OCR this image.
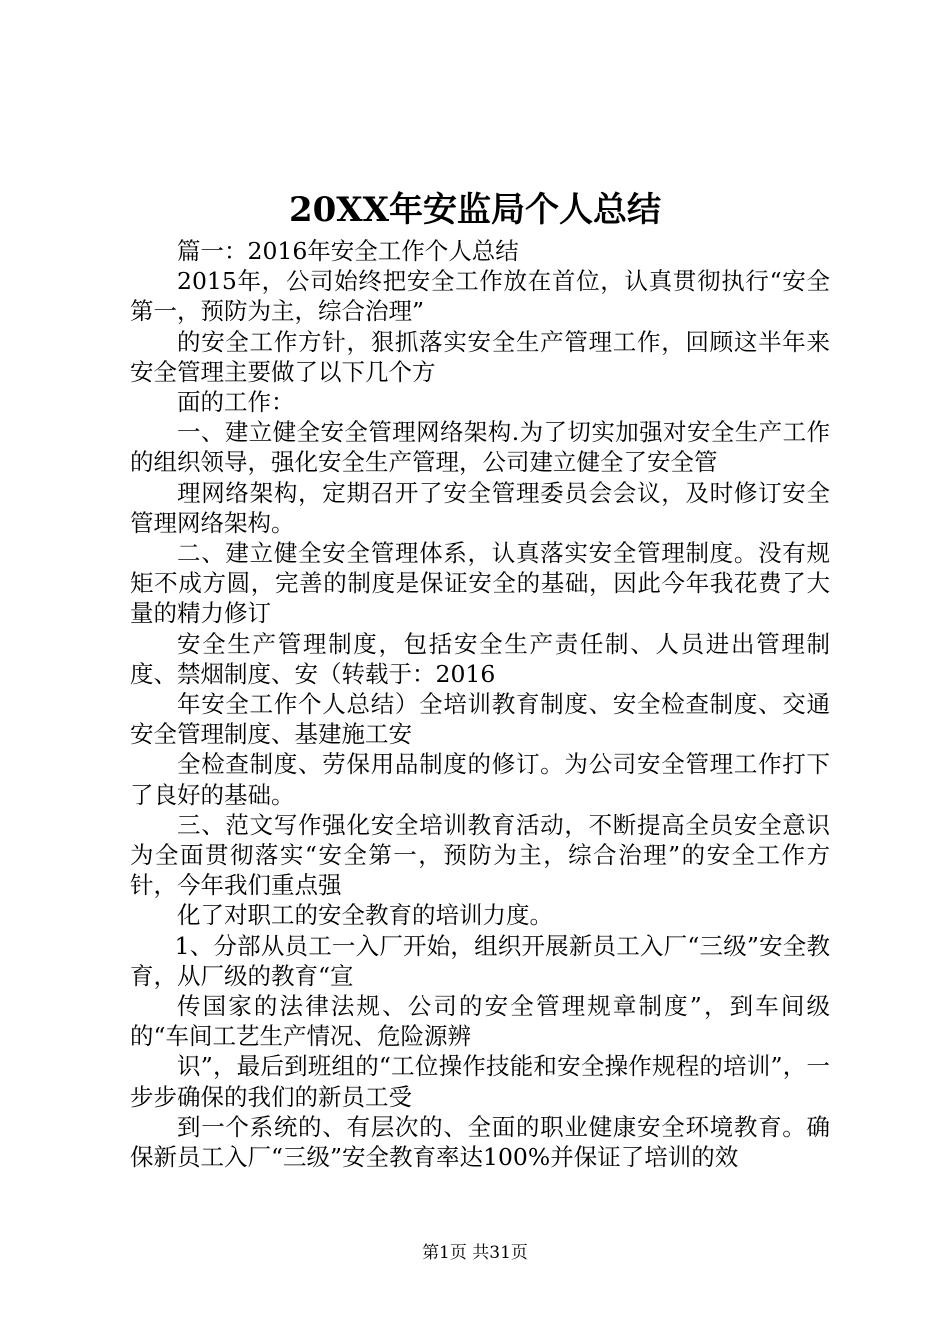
20XX年安监局个人总结

篇一：2016年安全工作个人总结

2015年，公司始终把安全工作放在首位，认真贯彻执行“安全第一，预防为主，综合治理”

的安全工作方针，狠抓落实安全生产管理工作，回顾这半年来安全管理主要做了以下几个方

面的工作：

一、建立健全安全管理网络架构.为了切实加强对安全生产工作的组织领导，强化安全生产管理，公司建立健全了安全管

理网络架构，定期召开了安全管理委员会会议，及时修订安全管理网络架构。

二、建立健全安全管理体系，认真落实安全管理制度。没有规矩不成方圆，完善的制度是保证安全的基础，因此今年我花费了大量的精力修订

安全生产管理制度，包括安全生产责任制、人员进出管理制度、禁烟制度、安（转载于：2016

年安全工作个人总结）全培训教育制度、安全检查制度、交通安全管理制度、基建施工安

全检查制度、劳保用品制度的修订。为公司安全管理工作打下了良好的基础。

三、范文写作强化安全培训教育活动，不断提高全员安全意识为全面贯彻落实“安全第一，预防为主，综合治理”的安全工作方针，今年我们重点强

化了对职工的安全教育的培训力度。

1、分部从员工一入厂开始，组织开展新员工入厂“三级”安全教育，从厂级的教育“宣

传国家的法律法规、公司的安全管理规章制度”，到车间级的“车间工艺生产情况、危险源辨

识”，最后到班组的“工位操作技能和安全操作规程的培训”，一步步确保的我们的新员工受

到一个系统的、有层次的、全面的职业健康安全环境教育。确保新员工入厂“三级”安全教育率达100%并保证了培训的效

第1页 共31页
